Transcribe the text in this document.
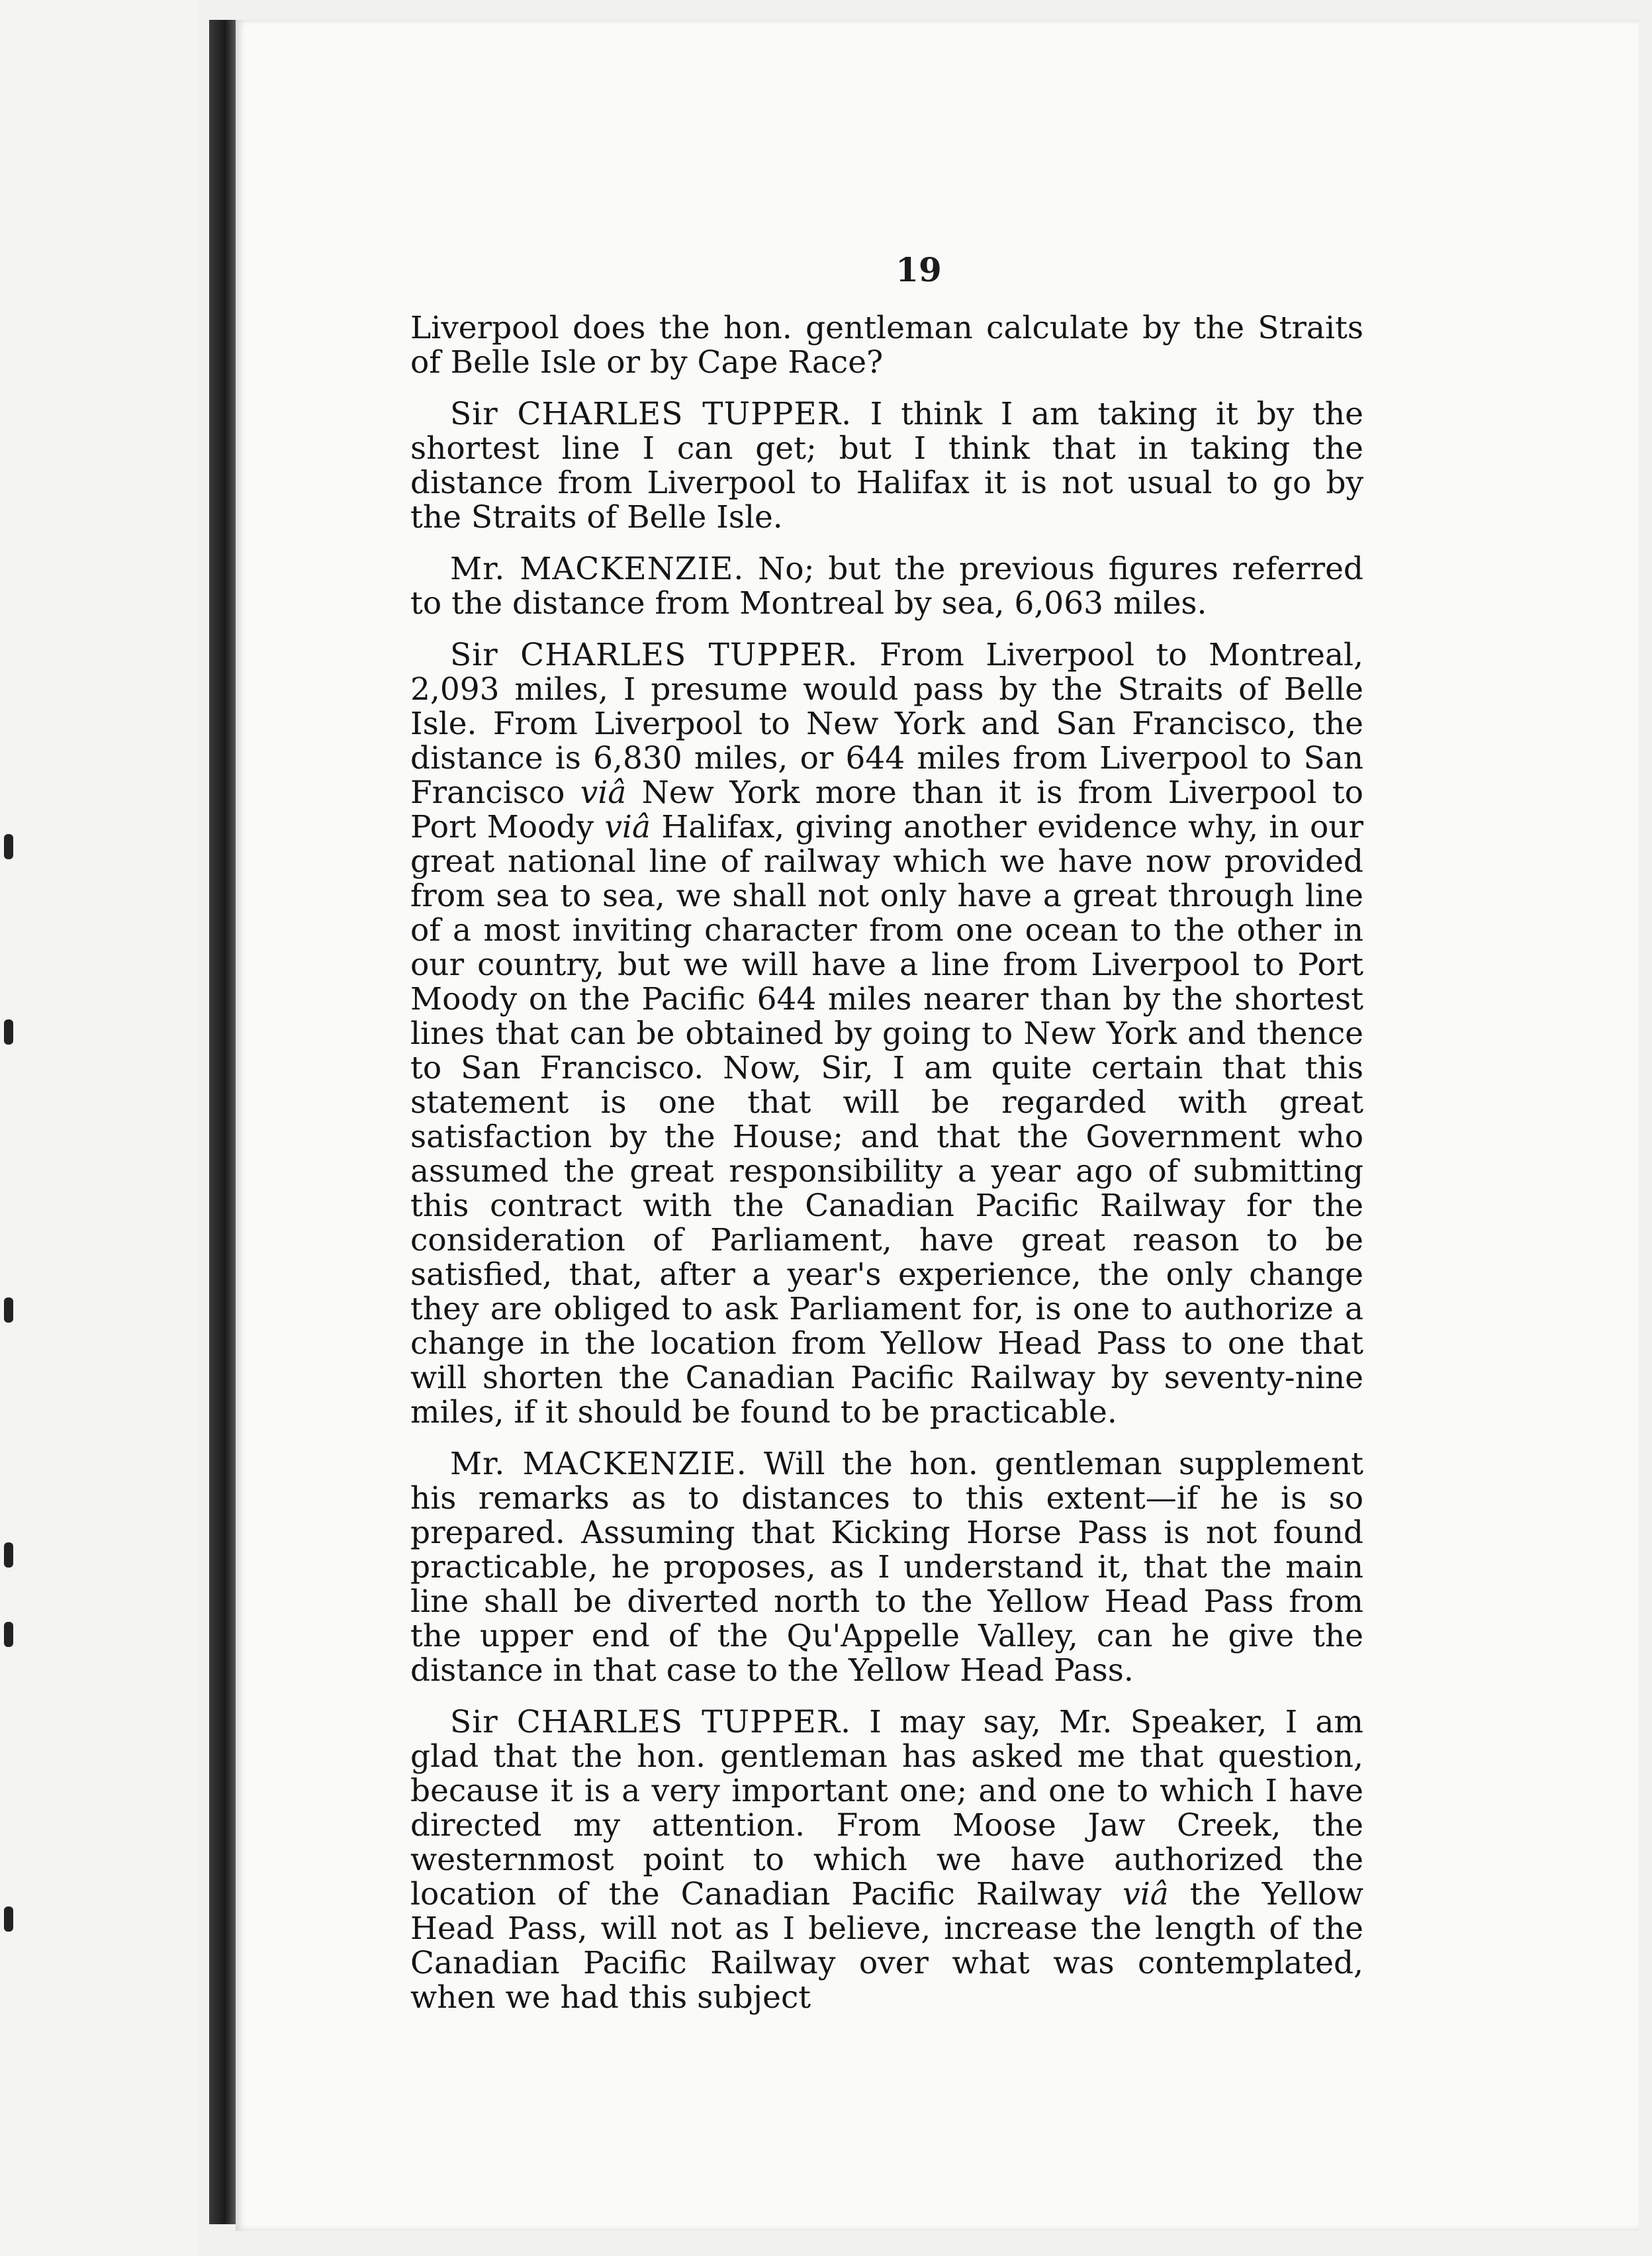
19

Liverpool does the hon. gentleman calculate by the Straits of Belle Isle or by Cape Race?

Sir CHARLES TUPPER. I think I am taking it by the shortest line I can get; but I think that in taking the distance from Liverpool to Halifax it is not usual to go by the Straits of Belle Isle.

Mr. MACKENZIE. No; but the previous figures referred to the distance from Montreal by sea, 6,063 miles.

Sir CHARLES TUPPER. From Liverpool to Montreal, 2,093 miles, I presume would pass by the Straits of Belle Isle. From Liverpool to New York and San Francisco, the distance is 6,830 miles, or 644 miles from Liverpool to San Francisco viâ New York more than it is from Liverpool to Port Moody viâ Halifax, giving another evidence why, in our great national line of railway which we have now provided from sea to sea, we shall not only have a great through line of a most inviting character from one ocean to the other in our country, but we will have a line from Liverpool to Port Moody on the Pacific 644 miles nearer than by the shortest lines that can be obtained by going to New York and thence to San Francisco. Now, Sir, I am quite certain that this statement is one that will be regarded with great satisfaction by the House; and that the Government who assumed the great responsibility a year ago of submitting this contract with the Canadian Pacific Railway for the consideration of Parliament, have great reason to be satisfied, that, after a year's experience, the only change they are obliged to ask Parliament for, is one to authorize a change in the location from Yellow Head Pass to one that will shorten the Canadian Pacific Railway by seventy-nine miles, if it should be found to be practicable.

Mr. MACKENZIE. Will the hon. gentleman supplement his remarks as to distances to this extent—if he is so prepared. Assuming that Kicking Horse Pass is not found practicable, he proposes, as I understand it, that the main line shall be diverted north to the Yellow Head Pass from the upper end of the Qu'Appelle Valley, can he give the distance in that case to the Yellow Head Pass.

Sir CHARLES TUPPER. I may say, Mr. Speaker, I am glad that the hon. gentleman has asked me that question, because it is a very important one; and one to which I have directed my attention. From Moose Jaw Creek, the westernmost point to which we have authorized the location of the Canadian Pacific Railway viâ the Yellow Head Pass, will not as I believe, increase the length of the Canadian Pacific Railway over what was contemplated, when we had this subject
